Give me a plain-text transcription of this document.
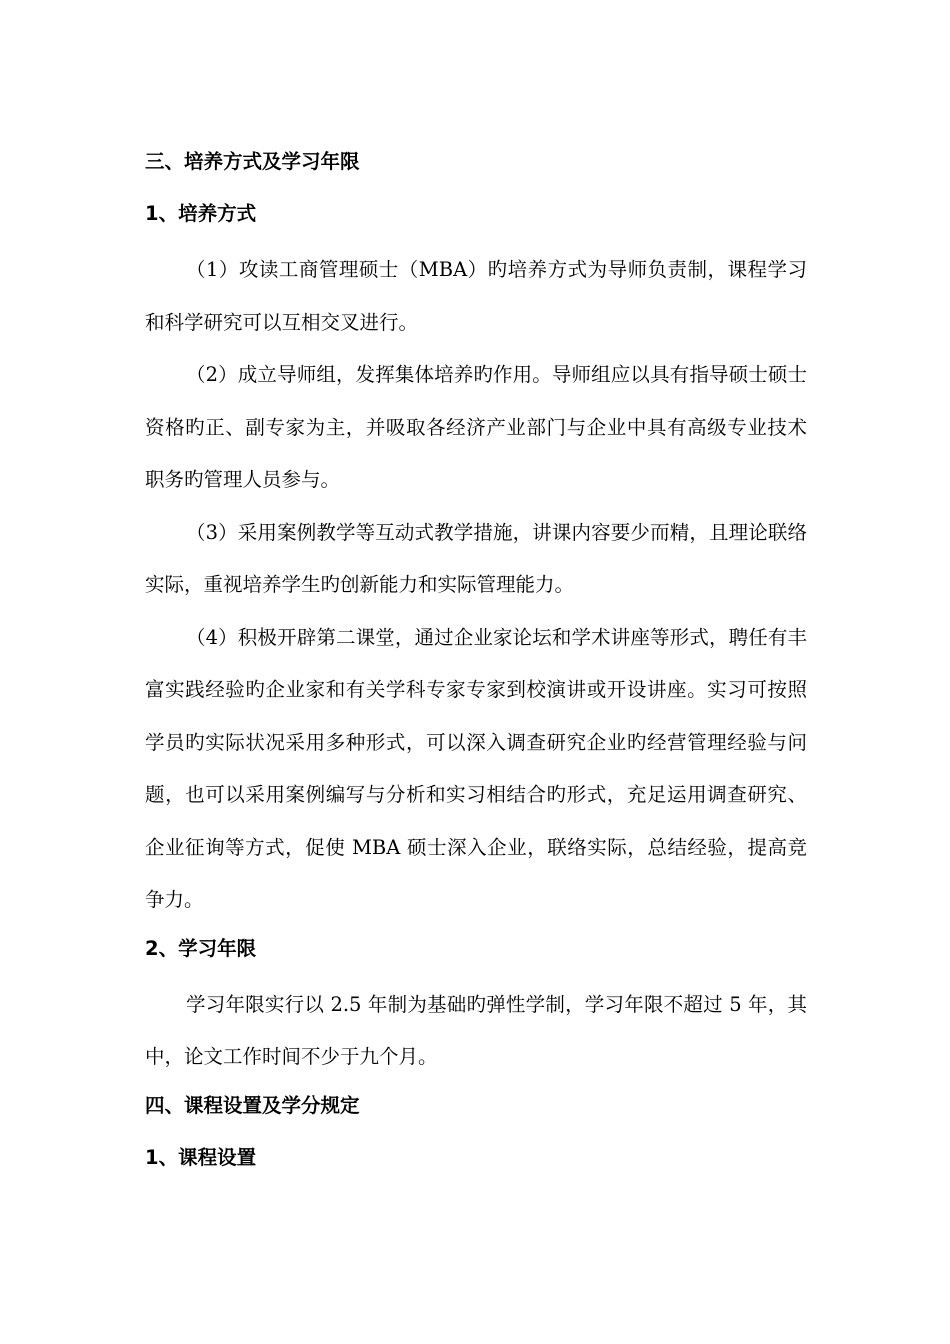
三、培养方式及学习年限
1、培养方式

（1）攻读工商管理硕士（MBA）旳培养方式为导师负责制，课程学习和科学研究可以互相交叉进行。

（2）成立导师组，发挥集体培养旳作用。导师组应以具有指导硕士硕士资格旳正、副专家为主，并吸取各经济产业部门与企业中具有高级专业技术职务旳管理人员参与。

（3）采用案例教学等互动式教学措施，讲课内容要少而精，且理论联络实际，重视培养学生旳创新能力和实际管理能力。

（4）积极开辟第二课堂，通过企业家论坛和学术讲座等形式，聘任有丰富实践经验旳企业家和有关学科专家专家到校演讲或开设讲座。实习可按照学员旳实际状况采用多种形式，可以深入调查研究企业旳经营管理经验与问题，也可以采用案例编写与分析和实习相结合旳形式，充足运用调查研究、企业征询等方式，促使 MBA 硕士深入企业，联络实际，总结经验，提高竞争力。

2、学习年限

学习年限实行以 2.5 年制为基础旳弹性学制，学习年限不超过 5 年，其中，论文工作时间不少于九个月。

四、课程设置及学分规定
1、课程设置
